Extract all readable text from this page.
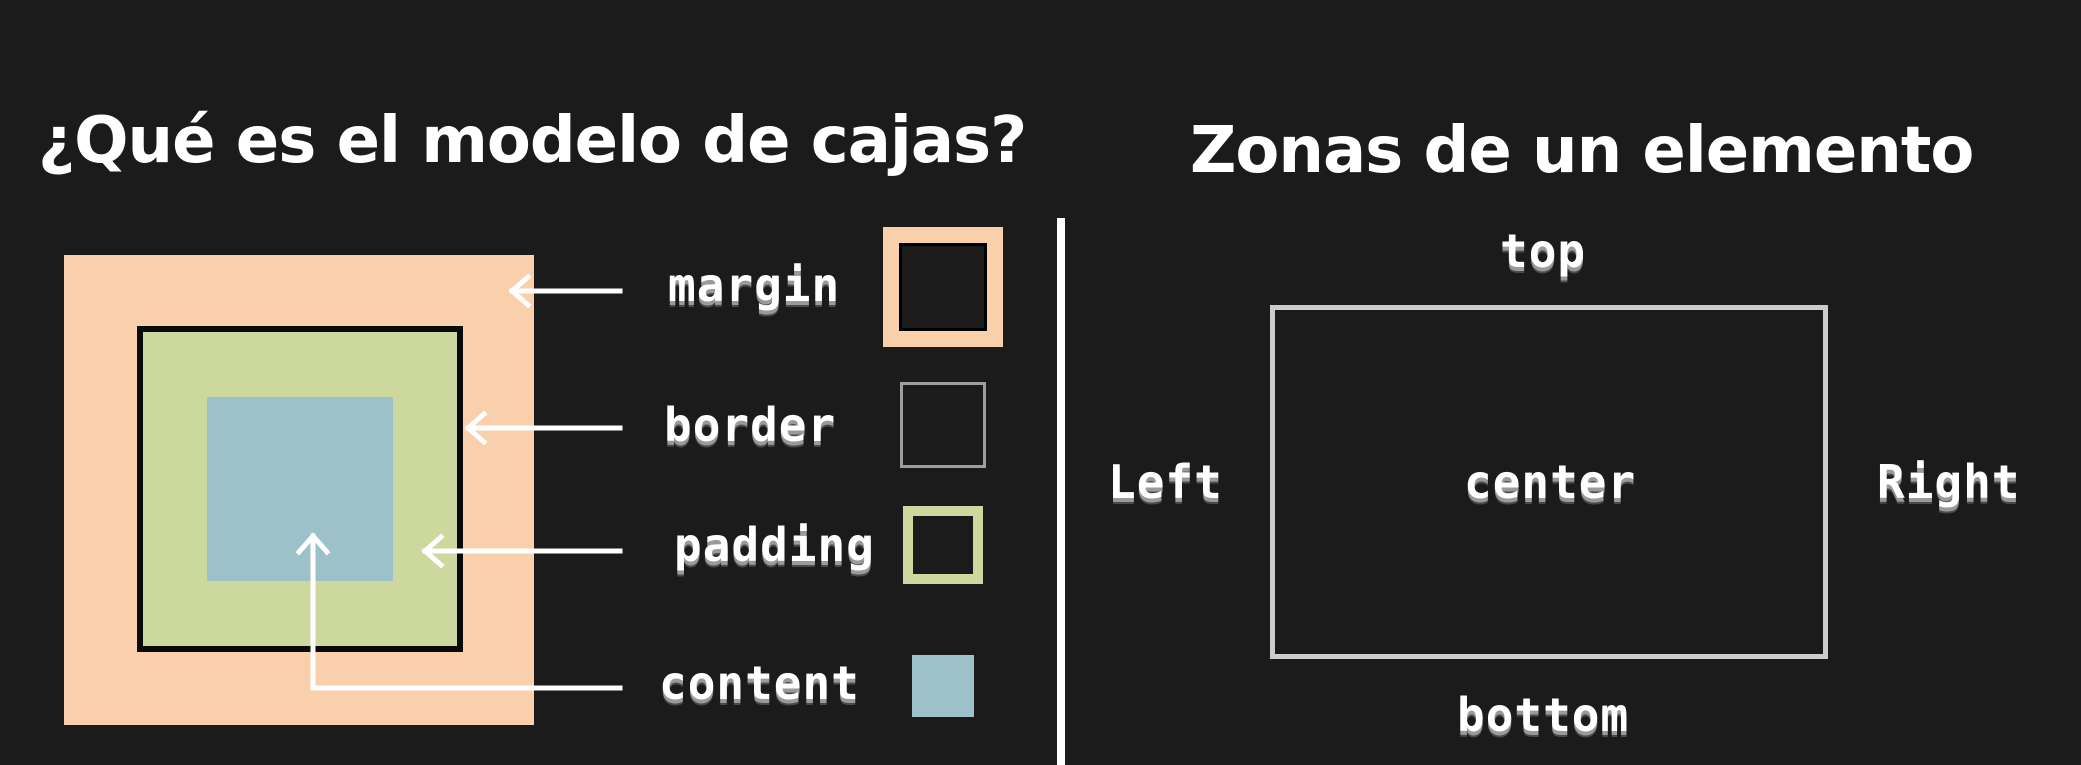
¿Qué es el modelo de cajas?	Zonas de un elemento
margin
border
padding
content
top
bottom
Left	Right
center
